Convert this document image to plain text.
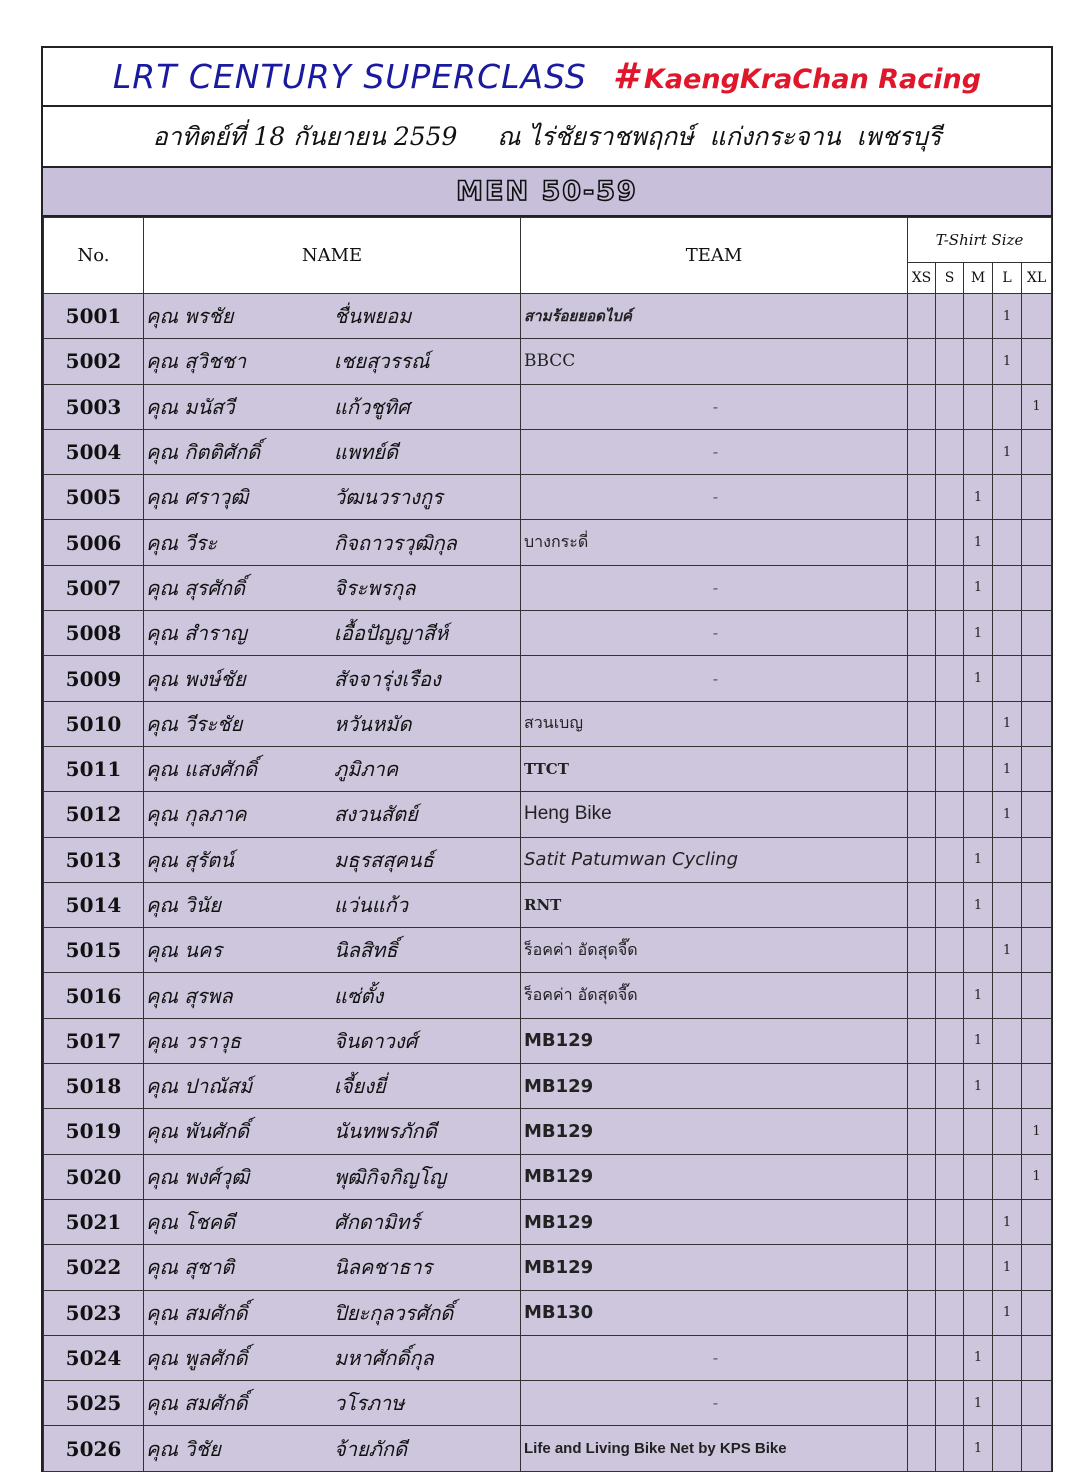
LRT CENTURY SUPERCLASS # KaengKraChan Racing
อาทิตย์ที่ 18 กันยายน 2559     ณ ไร่ชัยราชพฤกษ์  แก่งกระจาน  เพชรบุรี
MEN 50-59
No.	NAME	TEAM	T-Shirt Size				
			XS	S	M	L	XL
5001	คุณ พรชัย ชื่นพยอม	สามร้อยยอดไบค์				1	
5002	คุณ สุวิชชา เชยสุวรรณ์	BBCC				1	
5003	คุณ มนัสวี แก้วชูทิศ	-					1
5004	คุณ กิตติศักดิ์ แพทย์ดี	-				1	
5005	คุณ ศราวุฒิ วัฒนวรางกูร	-			1		
5006	คุณ วีระ กิจถาวรวุฒิกุล	บางกระดี่			1		
5007	คุณ สุรศักดิ์ จิระพรกุล	-			1		
5008	คุณ สำราญ เอื้อปัญญาสีห์	-			1		
5009	คุณ พงษ์ชัย สัจจารุ่งเรือง	-			1		
5010	คุณ วีระชัย หวันหมัด	สวนเบญ				1	
5011	คุณ แสงศักดิ์ ภูมิภาค	TTCT				1	
5012	คุณ กุลภาค สงวนสัตย์	Heng Bike				1	
5013	คุณ สุรัตน์ มธุรสสุคนธ์	Satit Patumwan Cycling			1		
5014	คุณ วินัย แว่นแก้ว	RNT			1		
5015	คุณ นคร นิลสิทธิ์	ร็อคค่า อัดสุดจี๊ด				1	
5016	คุณ สุรพล แซ่ตั้ง	ร็อคค่า อัดสุดจี๊ด			1		
5017	คุณ วราวุธ จินดาวงศ์	MB129			1		
5018	คุณ ปาณัสม์ เจี้ยงยี่	MB129			1		
5019	คุณ พันศักดิ์ นันทพรภักดี	MB129					1
5020	คุณ พงศ์วุฒิ พุฒิกิจกิญโญ	MB129					1
5021	คุณ โชคดี ศักดามิทร์	MB129				1	
5022	คุณ สุชาติ นิลคชาธาร	MB129				1	
5023	คุณ สมศักดิ์ ปิยะกุลวรศักดิ์	MB130				1	
5024	คุณ พูลศักดิ์ มหาศักดิ์กุล	-			1		
5025	คุณ สมศักดิ์ วโรภาษ	-			1		
5026	คุณ วิชัย จ้ายภักดี	Life and Living Bike Net by KPS Bike			1		
